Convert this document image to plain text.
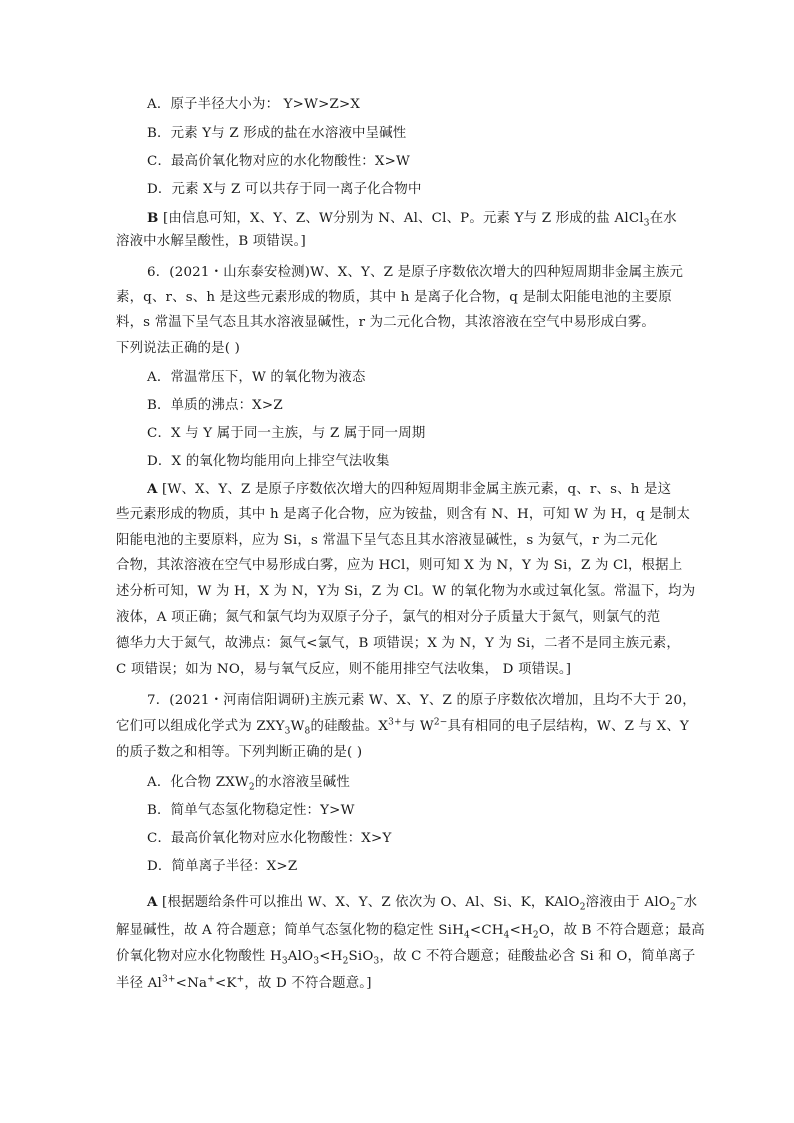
A．原子半径大小为： Y>W>Z>X
B．元素 Y与 Z 形成的盐在水溶液中呈碱性
C．最高价氧化物对应的水化物酸性：X>W
D．元素 X与 Z 可以共存于同一离子化合物中
B [由信息可知，X、Y、Z、W分别为 N、Al、Cl、P。元素 Y与 Z 形成的盐 AlCl$_3$在水
溶液中水解呈酸性，B 项错误。]
6．(2021・山东泰安检测)W、X、Y、Z 是原子序数依次增大的四种短周期非金属主族元
素，q、r、s、h 是这些元素形成的物质，其中 h 是离子化合物，q 是制太阳能电池的主要原
料，s 常温下呈气态且其水溶液显碱性，r 为二元化合物，其浓溶液在空气中易形成白雾。
下列说法正确的是( )
A．常温常压下，W 的氧化物为液态
B．单质的沸点：X>Z
C．X 与 Y 属于同一主族，与 Z 属于同一周期
D．X 的氧化物均能用向上排空气法收集
A [W、X、Y、Z 是原子序数依次增大的四种短周期非金属主族元素，q、r、s、h 是这
些元素形成的物质，其中 h 是离子化合物，应为铵盐，则含有 N、H，可知 W 为 H，q 是制太
阳能电池的主要原料，应为 Si，s 常温下呈气态且其水溶液显碱性，s 为氨气，r 为二元化
合物，其浓溶液在空气中易形成白雾，应为 HCl，则可知 X 为 N，Y 为 Si，Z 为 Cl，根据上
述分析可知，W 为 H，X 为 N，Y为 Si，Z 为 Cl。W 的氧化物为水或过氧化氢。常温下，均为
液体，A 项正确；氮气和氯气均为双原子分子，氯气的相对分子质量大于氮气，则氯气的范
德华力大于氮气，故沸点：氮气<氯气，B 项错误；X 为 N，Y 为 Si，二者不是同主族元素，
C 项错误；如为 NO，易与氧气反应，则不能用排空气法收集， D 项错误。]
7．(2021・河南信阳调研)主族元素 W、X、Y、Z 的原子序数依次增加，且均不大于 20，
它们可以组成化学式为 $ZXY_3W_8$的硅酸盐。$X^{3+}$与 $W^{2-}$具有相同的电子层结构，W、Z 与 X、Y
的质子数之和相等。下列判断正确的是( )
A．化合物 $ZXW_2$的水溶液呈碱性
B．简单气态氢化物稳定性：Y>W
C．最高价氧化物对应水化物酸性：X>Y
D．简单离子半径：X>Z
A [根据题给条件可以推出 W、X、Y、Z 依次为 O、Al、Si、K，KAlO$_2$溶液由于 AlO$_2$−水
解显碱性，故 A 符合题意；简单气态氢化物的稳定性 $SiH_4<CH_4<H_2O$，故 B 不符合题意；最高
价氧化物对应水化物酸性 $H_3AlO_3<H_2SiO_3$，故 C 不符合题意；硅酸盐必含 Si 和 O，简单离子
半径 $Al^{3+}<Na^+<K^+$，故 D 不符合题意。]
